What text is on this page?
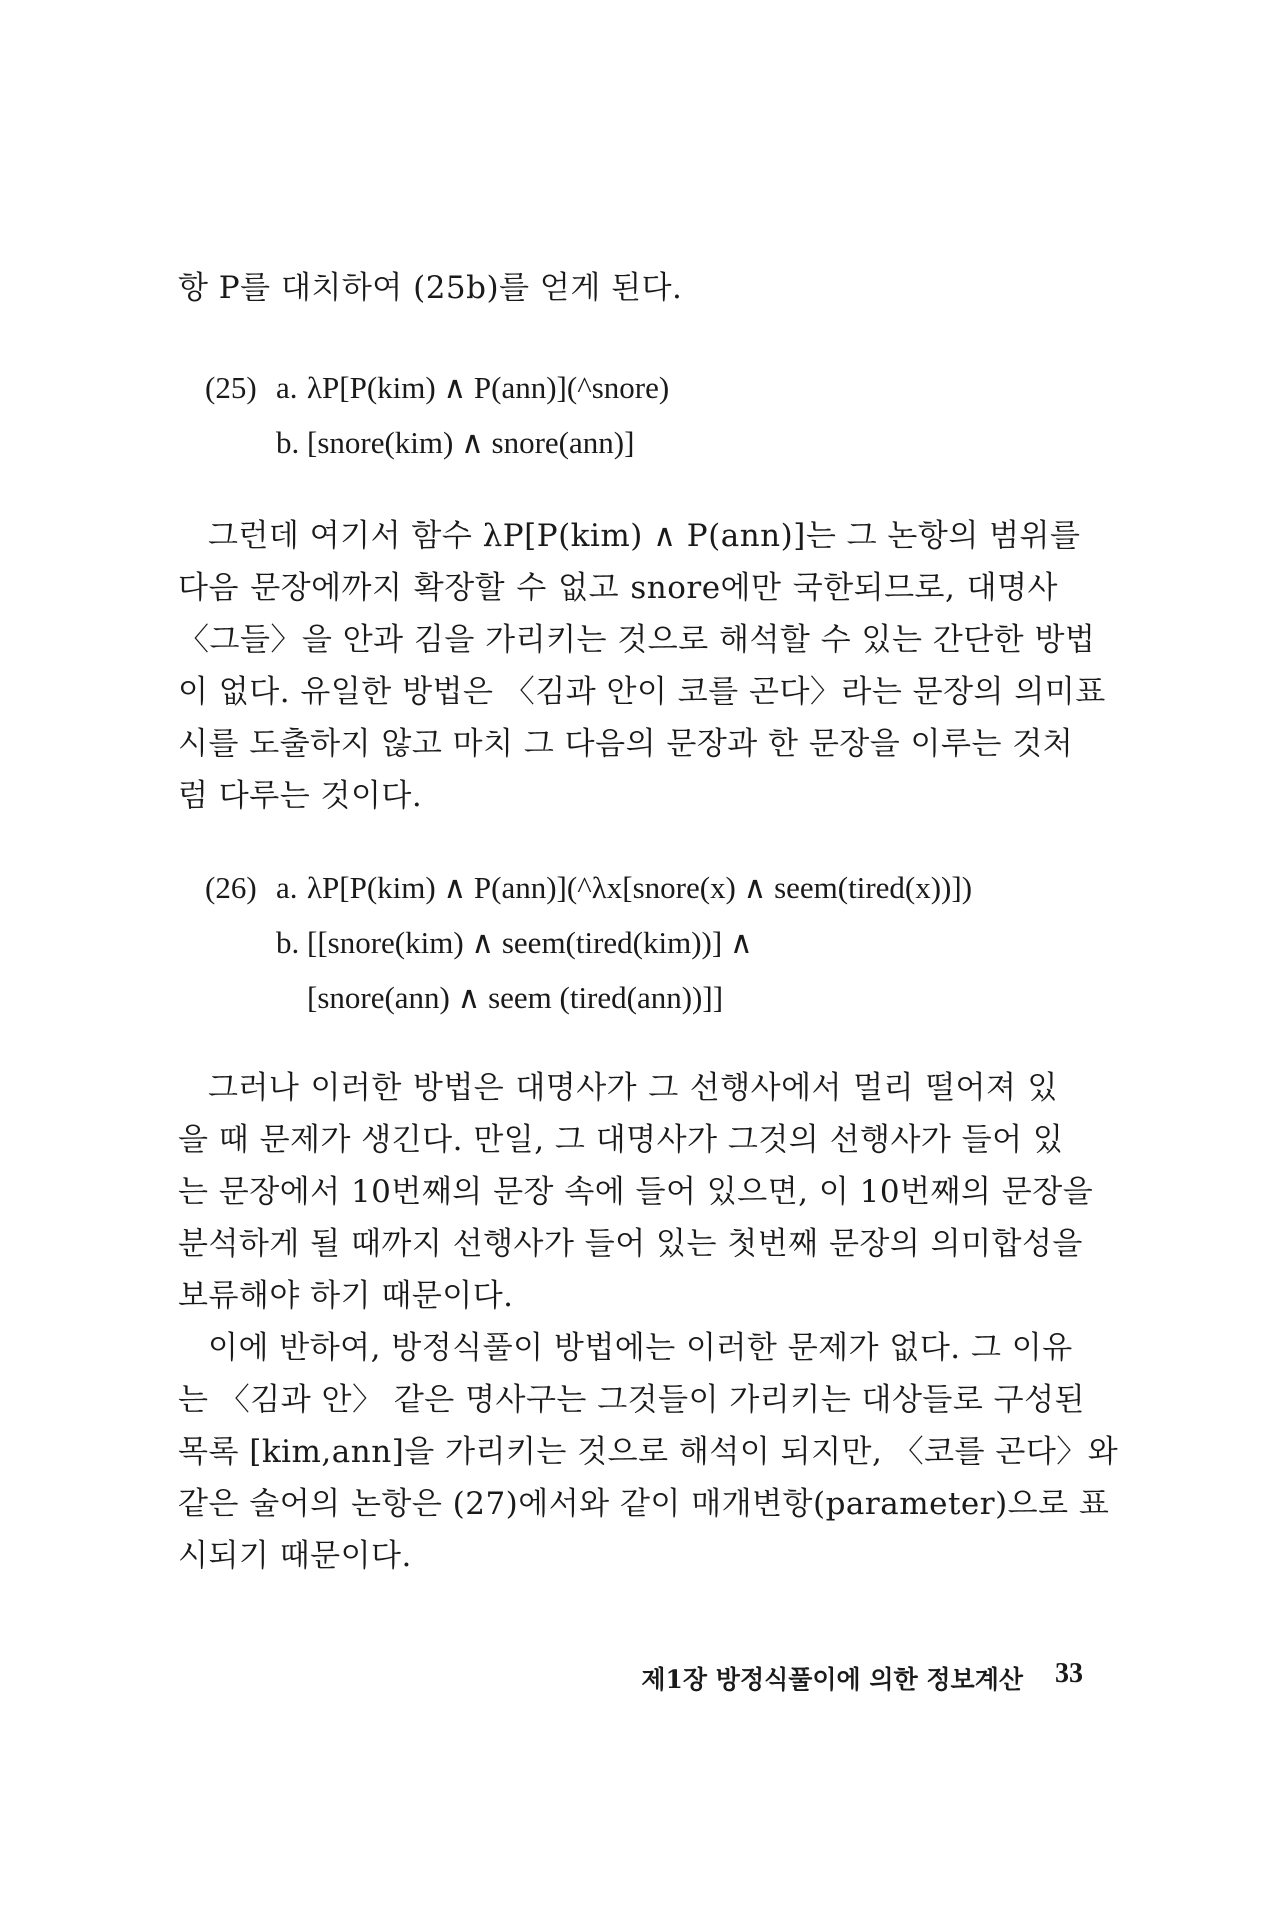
항 P를 대치하여 (25b)를 얻게 된다.
(25) a. λP[P(kim) ∧ P(ann)](^snore)
b. [snore(kim) ∧ snore(ann)]
그런데 여기서 함수 λP[P(kim) ∧ P(ann)]는 그 논항의 범위를
다음 문장에까지 확장할 수 없고 snore에만 국한되므로, 대명사
〈그들〉을 안과 김을 가리키는 것으로 해석할 수 있는 간단한 방법
이 없다. 유일한 방법은 〈김과 안이 코를 곤다〉라는 문장의 의미표
시를 도출하지 않고 마치 그 다음의 문장과 한 문장을 이루는 것처
럼 다루는 것이다.
(26) a. λP[P(kim) ∧ P(ann)](^λx[snore(x) ∧ seem(tired(x))])
b. [[snore(kim) ∧ seem(tired(kim))] ∧
[snore(ann) ∧ seem (tired(ann))]]
그러나 이러한 방법은 대명사가 그 선행사에서 멀리 떨어져 있
을 때 문제가 생긴다. 만일, 그 대명사가 그것의 선행사가 들어 있
는 문장에서 10번째의 문장 속에 들어 있으면, 이 10번째의 문장을
분석하게 될 때까지 선행사가 들어 있는 첫번째 문장의 의미합성을
보류해야 하기 때문이다.
이에 반하여, 방정식풀이 방법에는 이러한 문제가 없다. 그 이유
는 〈김과 안〉 같은 명사구는 그것들이 가리키는 대상들로 구성된
목록 [kim,ann]을 가리키는 것으로 해석이 되지만, 〈코를 곤다〉와
같은 술어의 논항은 (27)에서와 같이 매개변항(parameter)으로 표
시되기 때문이다.
제1장 방정식풀이에 의한 정보계산 33
